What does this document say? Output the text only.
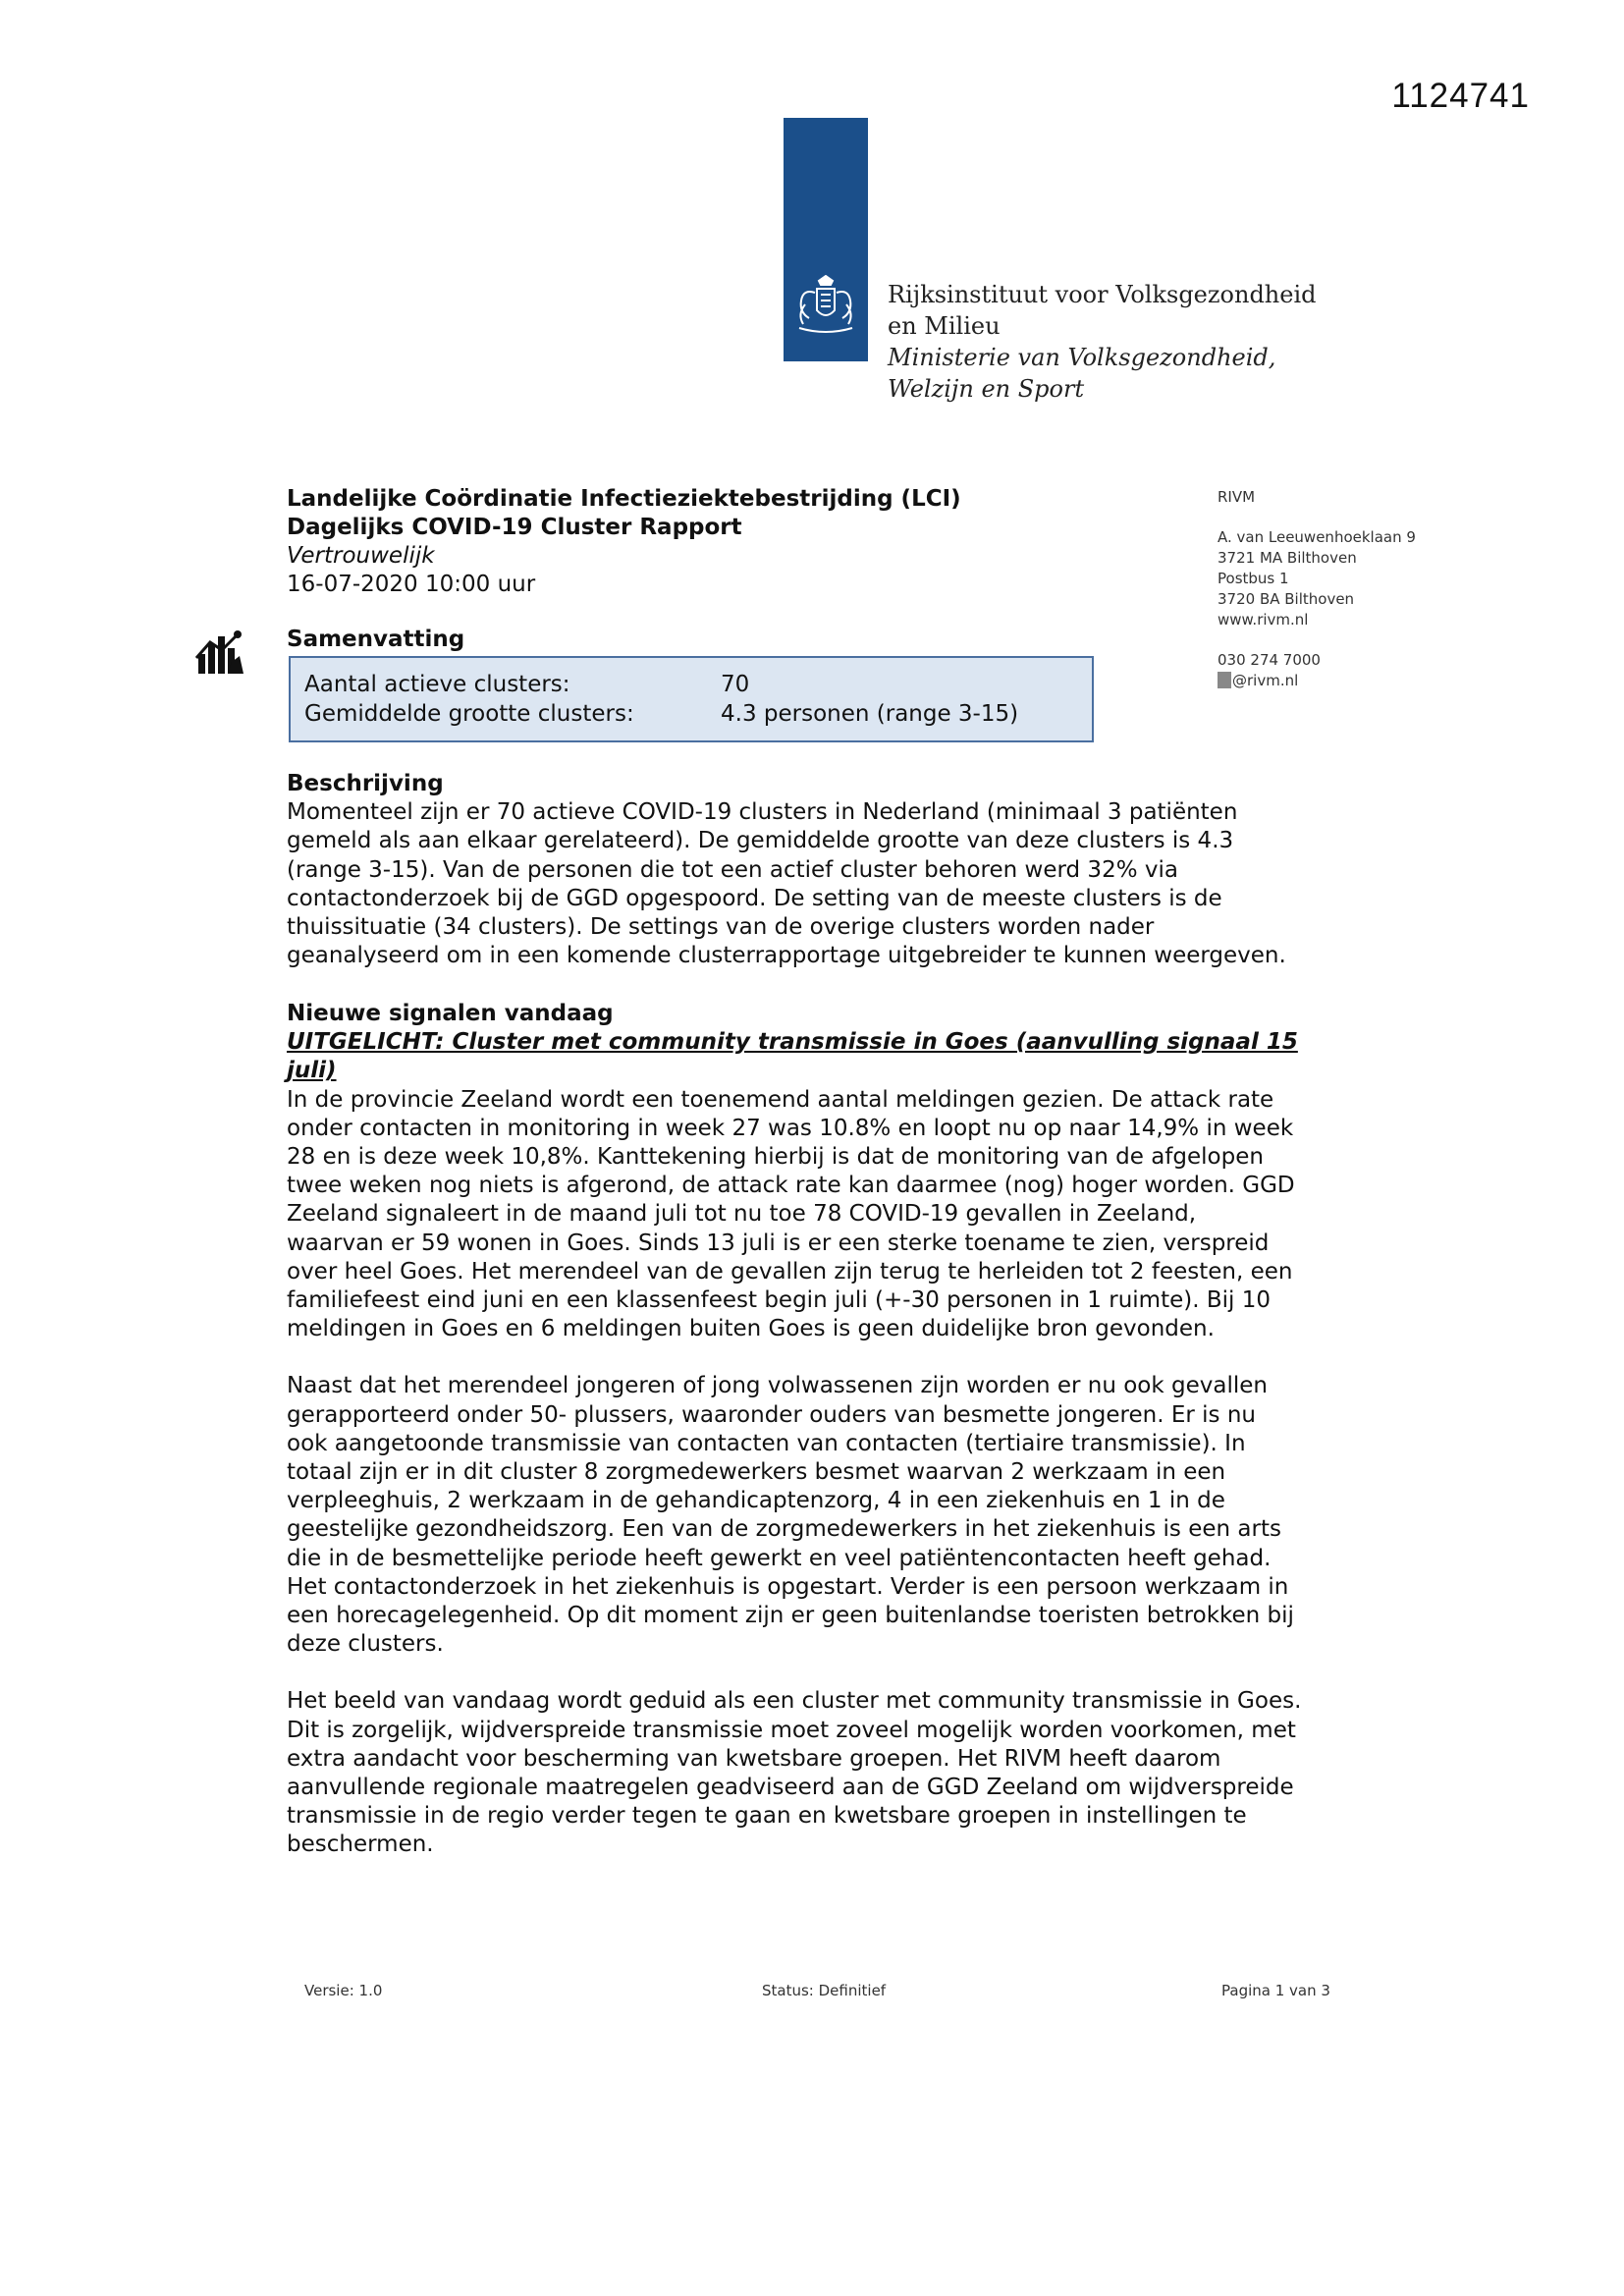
1124741
Rijksinstituut voor Volksgezondheid
en Milieu
Ministerie van Volksgezondheid,
Welzijn en Sport
Landelijke Coördinatie Infectieziektebestrijding (LCI)
Dagelijks COVID-19 Cluster Rapport
Vertrouwelijk
16-07-2020 10:00 uur
RIVM
A. van Leeuwenhoeklaan 9
3721 MA Bilthoven
Postbus 1
3720 BA Bilthoven
www.rivm.nl
030 274 7000
@rivm.nl
Samenvatting
Aantal actieve clusters:	70
Gemiddelde grootte clusters:	4.3 personen (range 3-15)
Beschrijving

Momenteel zijn er 70 actieve COVID-19 clusters in Nederland (minimaal 3 patiënten

gemeld als aan elkaar gerelateerd). De gemiddelde grootte van deze clusters is 4.3

(range 3-15). Van de personen die tot een actief cluster behoren werd 32% via

contactonderzoek bij de GGD opgespoord. De setting van de meeste clusters is de

thuissituatie (34 clusters). De settings van de overige clusters worden nader

geanalyseerd om in een komende clusterrapportage uitgebreider te kunnen weergeven.

Nieuwe signalen vandaag

UITGELICHT: Cluster met community transmissie in Goes (aanvulling signaal 15

juli)

In de provincie Zeeland wordt een toenemend aantal meldingen gezien. De attack rate

onder contacten in monitoring in week 27 was 10.8% en loopt nu op naar 14,9% in week

28 en is deze week 10,8%. Kanttekening hierbij is dat de monitoring van de afgelopen

twee weken nog niets is afgerond, de attack rate kan daarmee (nog) hoger worden. GGD

Zeeland signaleert in de maand juli tot nu toe 78 COVID-19 gevallen in Zeeland,

waarvan er 59 wonen in Goes. Sinds 13 juli is er een sterke toename te zien, verspreid

over heel Goes. Het merendeel van de gevallen zijn terug te herleiden tot 2 feesten, een

familiefeest eind juni en een klassenfeest begin juli (+-30 personen in 1 ruimte). Bij 10

meldingen in Goes en 6 meldingen buiten Goes is geen duidelijke bron gevonden.

Naast dat het merendeel jongeren of jong volwassenen zijn worden er nu ook gevallen

gerapporteerd onder 50- plussers, waaronder ouders van besmette jongeren. Er is nu

ook aangetoonde transmissie van contacten van contacten (tertiaire transmissie). In

totaal zijn er in dit cluster 8 zorgmedewerkers besmet waarvan 2 werkzaam in een

verpleeghuis, 2 werkzaam in de gehandicaptenzorg, 4 in een ziekenhuis en 1 in de

geestelijke gezondheidszorg. Een van de zorgmedewerkers in het ziekenhuis is een arts

die in de besmettelijke periode heeft gewerkt en veel patiëntencontacten heeft gehad.

Het contactonderzoek in het ziekenhuis is opgestart. Verder is een persoon werkzaam in

een horecagelegenheid. Op dit moment zijn er geen buitenlandse toeristen betrokken bij

deze clusters.

Het beeld van vandaag wordt geduid als een cluster met community transmissie in Goes.

Dit is zorgelijk, wijdverspreide transmissie moet zoveel mogelijk worden voorkomen, met

extra aandacht voor bescherming van kwetsbare groepen. Het RIVM heeft daarom

aanvullende regionale maatregelen geadviseerd aan de GGD Zeeland om wijdverspreide

transmissie in de regio verder tegen te gaan en kwetsbare groepen in instellingen te

beschermen.

Versie: 1.0	Status: Definitief	Pagina 1 van 3
